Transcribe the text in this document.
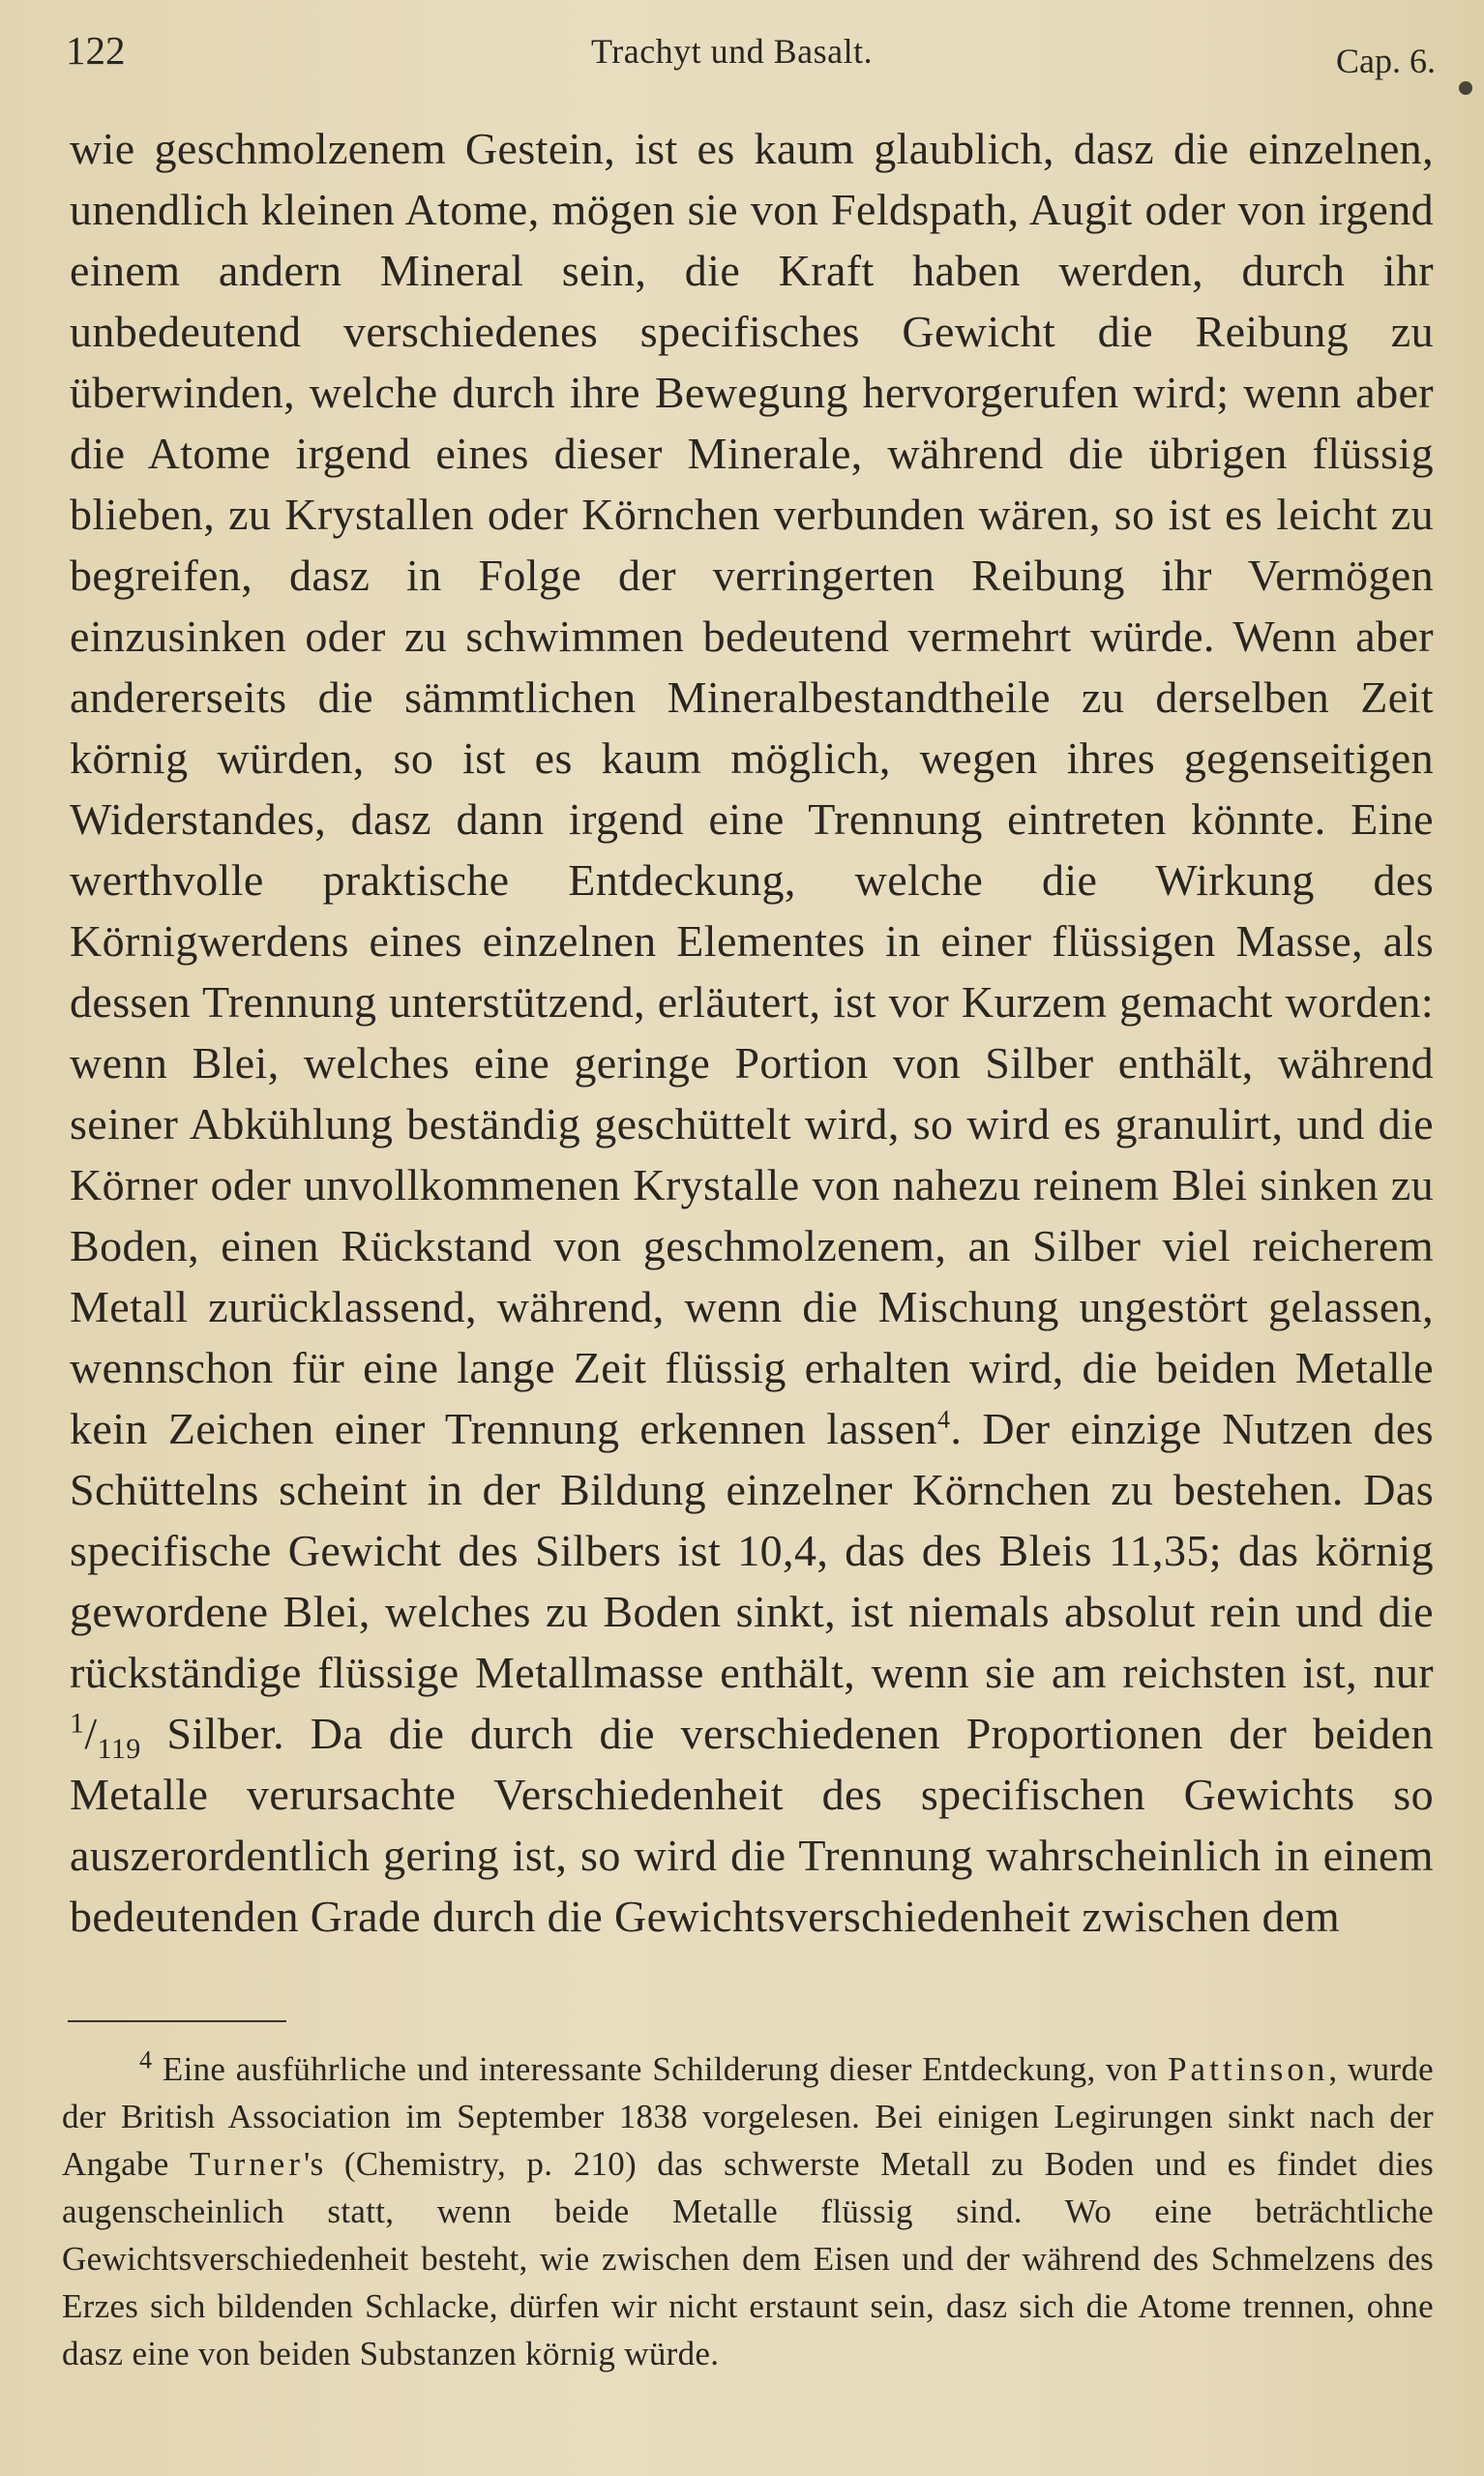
122	Trachyt und Basalt.	Cap. 6.

wie geschmolzenem Gestein, ist es kaum glaublich, dasz die einzelnen, unendlich kleinen Atome, mögen sie von Feldspath, Augit oder von irgend einem andern Mineral sein, die Kraft haben werden, durch ihr unbedeutend verschiedenes specifisches Gewicht die Reibung zu überwinden, welche durch ihre Bewegung hervorgerufen wird; wenn aber die Atome irgend eines dieser Minerale, während die übrigen flüssig blieben, zu Krystallen oder Körnchen verbunden wären, so ist es leicht zu begreifen, dasz in Folge der verringerten Reibung ihr Vermögen einzusinken oder zu schwimmen bedeutend vermehrt würde. Wenn aber andererseits die sämmtlichen Mineralbestandtheile zu derselben Zeit körnig würden, so ist es kaum möglich, wegen ihres gegenseitigen Widerstandes, dasz dann irgend eine Trennung eintreten könnte. Eine werthvolle praktische Entdeckung, welche die Wirkung des Körnigwerdens eines einzelnen Elementes in einer flüssigen Masse, als dessen Trennung unterstützend, erläutert, ist vor Kurzem gemacht worden: wenn Blei, welches eine geringe Portion von Silber enthält, während seiner Abkühlung beständig geschüttelt wird, so wird es granulirt, und die Körner oder unvollkommenen Krystalle von nahezu reinem Blei sinken zu Boden, einen Rückstand von geschmolzenem, an Silber viel reicherem Metall zurücklassend, während, wenn die Mischung ungestört gelassen, wennschon für eine lange Zeit flüssig erhalten wird, die beiden Metalle kein Zeichen einer Trennung erkennen lassen$^4$. Der einzige Nutzen des Schüttelns scheint in der Bildung einzelner Körnchen zu bestehen. Das specifische Gewicht des Silbers ist 10,4, das des Bleis 11,35; das körnig gewordene Blei, welches zu Boden sinkt, ist niemals absolut rein und die rückständige flüssige Metallmasse enthält, wenn sie am reichsten ist, nur $^1/_{119}$ Silber. Da die durch die verschiedenen Proportionen der beiden Metalle verursachte Verschiedenheit des specifischen Gewichts so auszerordentlich gering ist, so wird die Trennung wahrscheinlich in einem bedeutenden Grade durch die Gewichtsverschiedenheit zwischen dem

$^4$ Eine ausführliche und interessante Schilderung dieser Entdeckung, von Pattinson, wurde der British Association im September 1838 vorgelesen. Bei einigen Legirungen sinkt nach der Angabe Turner's (Chemistry, p. 210) das schwerste Metall zu Boden und es findet dies augenscheinlich statt, wenn beide Metalle flüssig sind. Wo eine beträchtliche Gewichtsverschiedenheit besteht, wie zwischen dem Eisen und der während des Schmelzens des Erzes sich bildenden Schlacke, dürfen wir nicht erstaunt sein, dasz sich die Atome trennen, ohne dasz eine von beiden Substanzen körnig würde.
